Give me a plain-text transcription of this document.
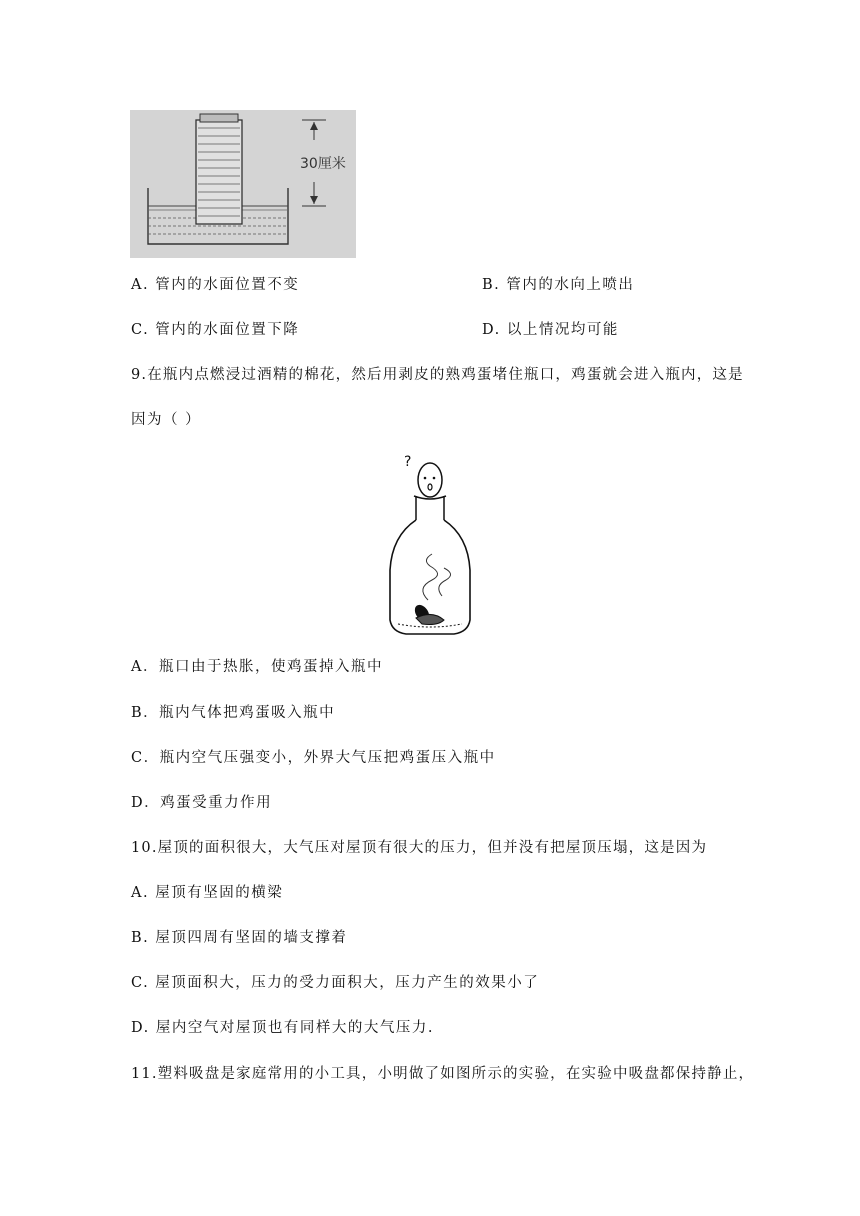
30厘米
A. 管内的水面位置不变	B. 管内的水向上喷出
C. 管内的水面位置下降	D. 以上情况均可能
9.在瓶内点燃浸过酒精的棉花，然后用剥皮的熟鸡蛋堵住瓶口，鸡蛋就会进入瓶内，这是
因为（ ）
?
A．瓶口由于热胀，使鸡蛋掉入瓶中
B．瓶内气体把鸡蛋吸入瓶中
C．瓶内空气压强变小，外界大气压把鸡蛋压入瓶中
D．鸡蛋受重力作用
10.屋顶的面积很大，大气压对屋顶有很大的压力，但并没有把屋顶压塌，这是因为
A. 屋顶有坚固的横梁
B. 屋顶四周有坚固的墙支撑着
C. 屋顶面积大，压力的受力面积大，压力产生的效果小了
D. 屋内空气对屋顶也有同样大的大气压力.
11.塑料吸盘是家庭常用的小工具，小明做了如图所示的实验，在实验中吸盘都保持静止，
